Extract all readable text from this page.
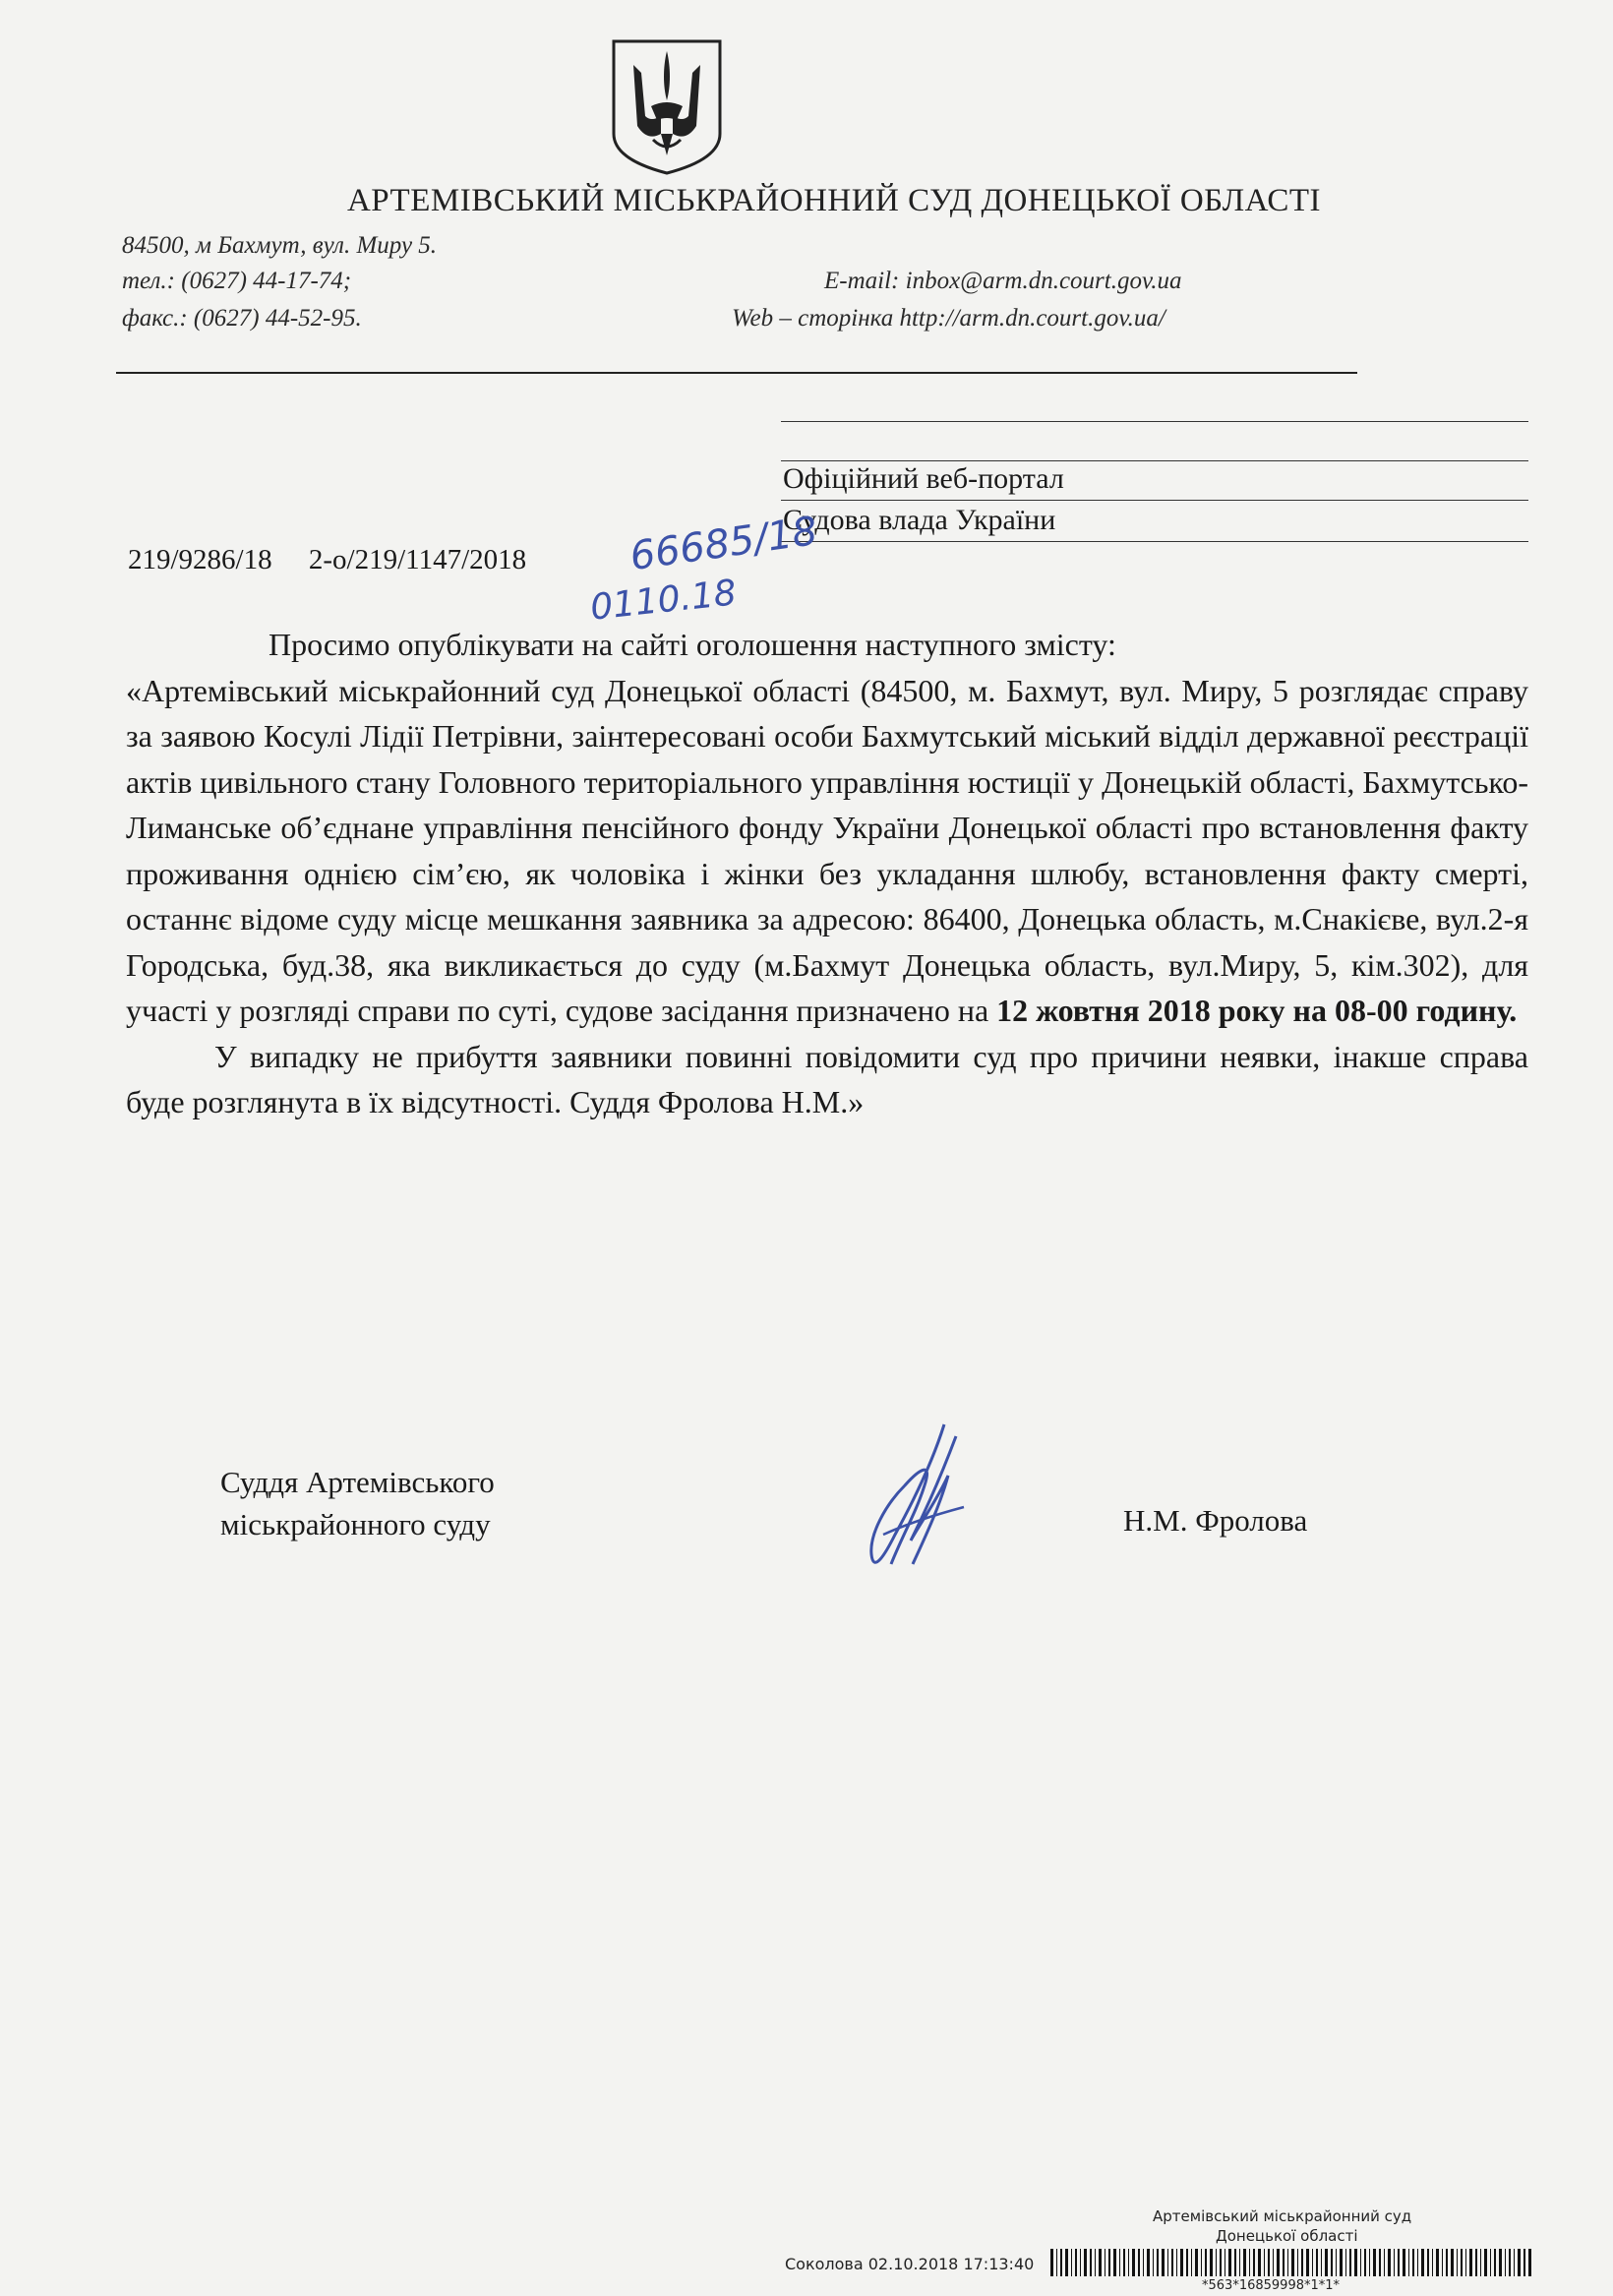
АРТЕМІВСЬКИЙ МІСЬКРАЙОННИЙ СУД ДОНЕЦЬКОЇ ОБЛАСТІ
84500, м Бахмут, вул. Миру 5.
тел.: (0627) 44-17-74;
факс.: (0627) 44-52-95.
E-mail: inbox@arm.dn.court.gov.ua
Web – сторінка http://arm.dn.court.gov.ua/
Офіційний веб-портал
Судова влада України
219/9286/18 2-о/219/1147/2018	66685/18
0110.18

Просимо опублікувати на сайті оголошення наступного змісту:

«Артемівський міськрайонний суд Донецької області (84500, м. Бахмут, вул. Миру, 5 розглядає справу за заявою Косулі Лідії Петрівни, заінтересовані особи Бахмутський міський відділ державної реєстрації актів цивільного стану Головного територіального управління юстиції у Донецькій області, Бахмутсько-Лиманське об’єднане управління пенсійного фонду України Донецької області про встановлення факту проживання однією сім’єю, як чоловіка і жінки без укладання шлюбу, встановлення факту смерті, останнє відоме суду місце мешкання заявника за адресою: 86400, Донецька область, м.Снакієве, вул.2-я Городська, буд.38, яка викликається до суду (м.Бахмут Донецька область, вул.Миру, 5, кім.302), для участі у розгляді справи по суті, судове засідання призначено на 12 жовтня 2018 року на 08-00 годину.

У випадку не прибуття заявники повинні повідомити суд про причини неявки, інакше справа буде розглянута в їх відсутності. Суддя Фролова Н.М.»

Суддя Артемівського
міськрайонного суду	Н.М. Фролова
Артемівський міськрайонний суд
Донецької області
Соколова 02.10.2018 17:13:40
*563*16859998*1*1*
